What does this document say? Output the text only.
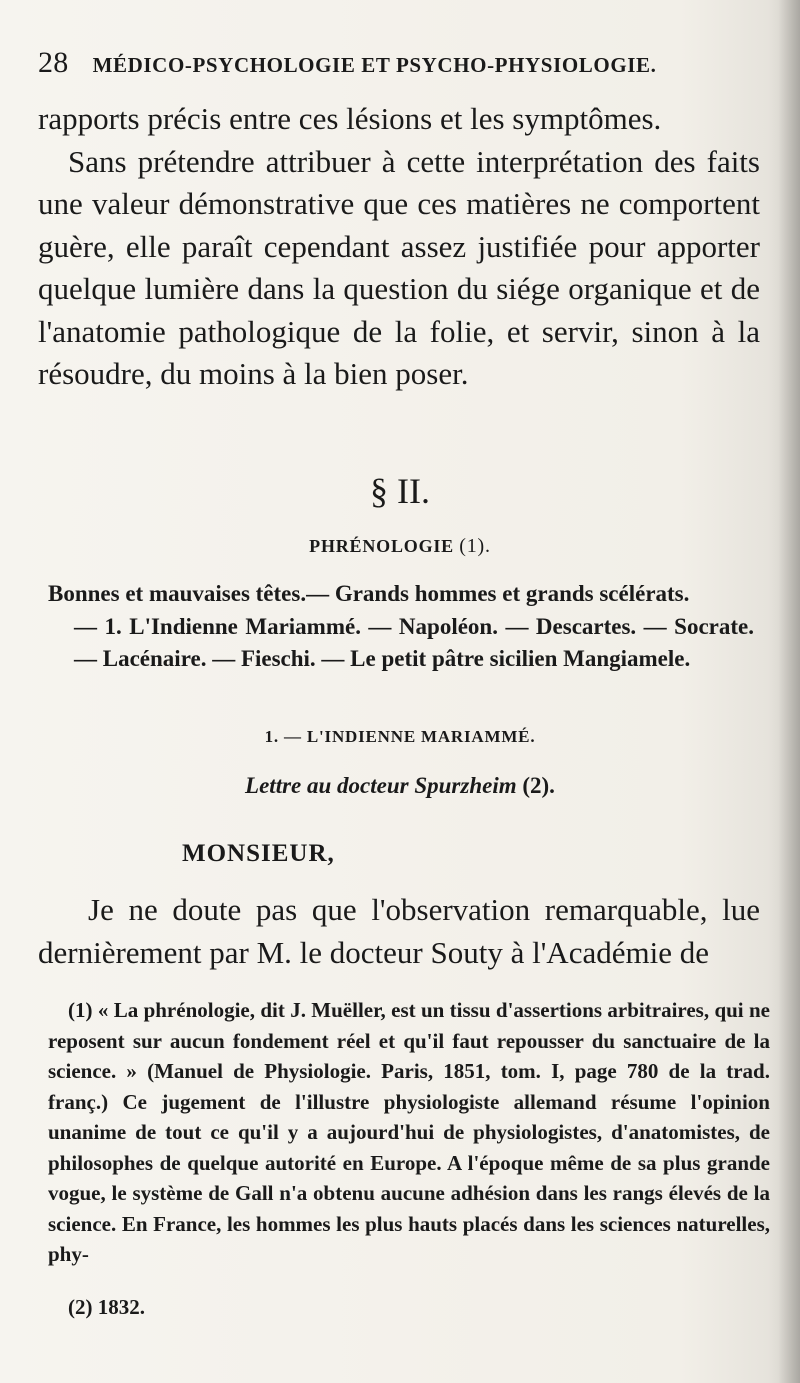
28 MÉDICO-PSYCHOLOGIE ET PSYCHO-PHYSIOLOGIE.

rapports précis entre ces lésions et les symptômes.

Sans prétendre attribuer à cette interprétation des faits une valeur démonstrative que ces matières ne comportent guère, elle paraît cependant assez justifiée pour apporter quelque lumière dans la question du siége organique et de l'anatomie pathologique de la folie, et servir, sinon à la résoudre, du moins à la bien poser.

§ II.
PHRÉNOLOGIE (1).

Bonnes et mauvaises têtes.— Grands hommes et grands scélérats.

— 1. L'Indienne Mariammé. — Napoléon. — Descartes. — Socrate. — Lacénaire. — Fieschi. — Le petit pâtre sicilien Mangiamele.

1. — L'INDIENNE MARIAMMÉ.
Lettre au docteur Spurzheim (2).
MONSIEUR,

Je ne doute pas que l'observation remarquable, lue dernièrement par M. le docteur Souty à l'Académie de

(1) « La phrénologie, dit J. Muëller, est un tissu d'assertions arbitraires, qui ne reposent sur aucun fondement réel et qu'il faut repousser du sanctuaire de la science. » (Manuel de Physiologie. Paris, 1851, tom. I, page 780 de la trad. franç.) Ce jugement de l'illustre physiologiste allemand résume l'opinion unanime de tout ce qu'il y a aujourd'hui de physiologistes, d'anatomistes, de philosophes de quelque autorité en Europe. A l'époque même de sa plus grande vogue, le système de Gall n'a obtenu aucune adhésion dans les rangs élevés de la science. En France, les hommes les plus hauts placés dans les sciences naturelles, phy-

(2) 1832.
